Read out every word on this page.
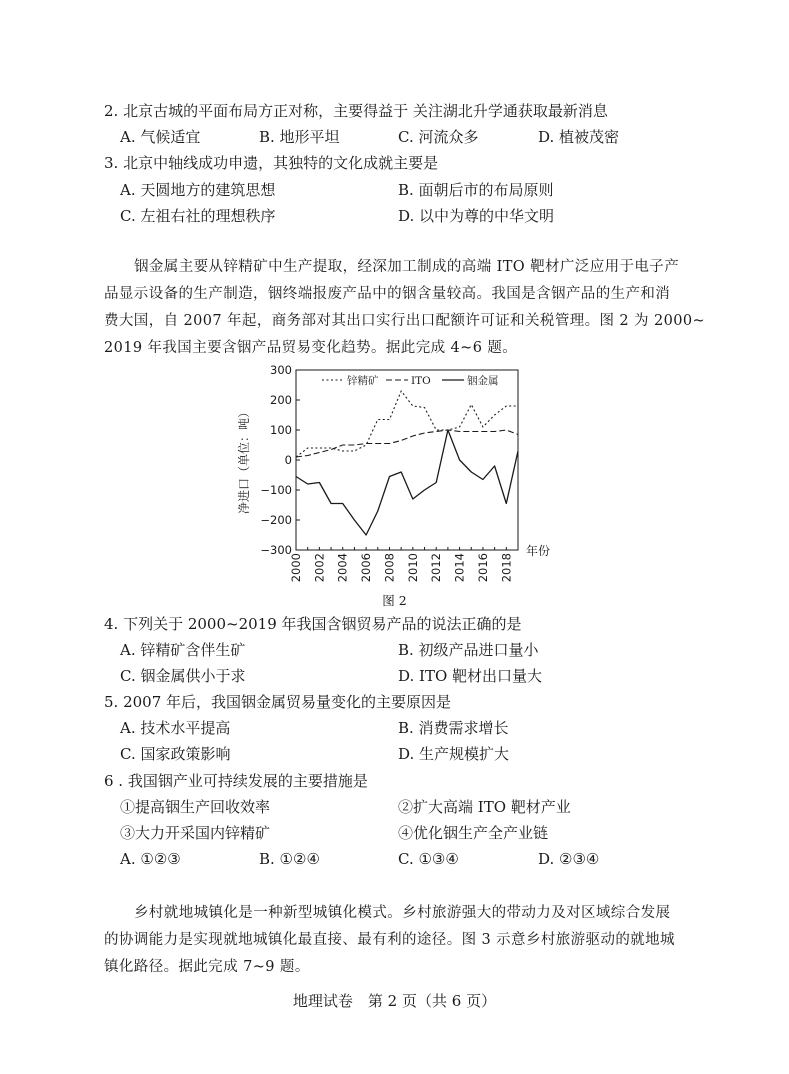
2. 北京古城的平面布局方正对称，主要得益于 关注湖北升学通获取最新消息
A. 气候适宜	B. 地形平坦	C. 河流众多	D. 植被茂密
3. 北京中轴线成功申遗，其独特的文化成就主要是
A. 天圆地方的建筑思想	B. 面朝后市的布局原则
C. 左祖右社的理想秩序	D. 以中为尊的中华文明
铟金属主要从锌精矿中生产提取，经深加工制成的高端 ITO 靶材广泛应用于电子产
品显示设备的生产制造，铟终端报废产品中的铟含量较高。我国是含铟产品的生产和消
费大国，自 2007 年起，商务部对其出口实行出口配额许可证和关税管理。图 2 为 2000~
2019 年我国主要含铟产品贸易变化趋势。据此完成 4~6 题。
300
200
100
0
−100
−200
−300
2000 2002 2004 2006 2008 2010 2012 2014 2016 2018
净进口（单位：吨）
年份
锌精矿	ITO	铟金属
图 2
4. 下列关于 2000~2019 年我国含铟贸易产品的说法正确的是
A. 锌精矿含伴生矿	B. 初级产品进口量小
C. 铟金属供小于求	D. ITO 靶材出口量大
5. 2007 年后，我国铟金属贸易量变化的主要原因是
A. 技术水平提高	B. 消费需求增长
C. 国家政策影响	D. 生产规模扩大
6 . 我国铟产业可持续发展的主要措施是
①提高铟生产回收效率	②扩大高端 ITO 靶材产业
③大力开采国内锌精矿	④优化铟生产全产业链
A. ①②③	B. ①②④	C. ①③④	D. ②③④
乡村就地城镇化是一种新型城镇化模式。乡村旅游强大的带动力及对区域综合发展
的协调能力是实现就地城镇化最直接、最有利的途径。图 3 示意乡村旅游驱动的就地城
镇化路径。据此完成 7~9 题。
地理试卷　第 2 页（共 6 页）
